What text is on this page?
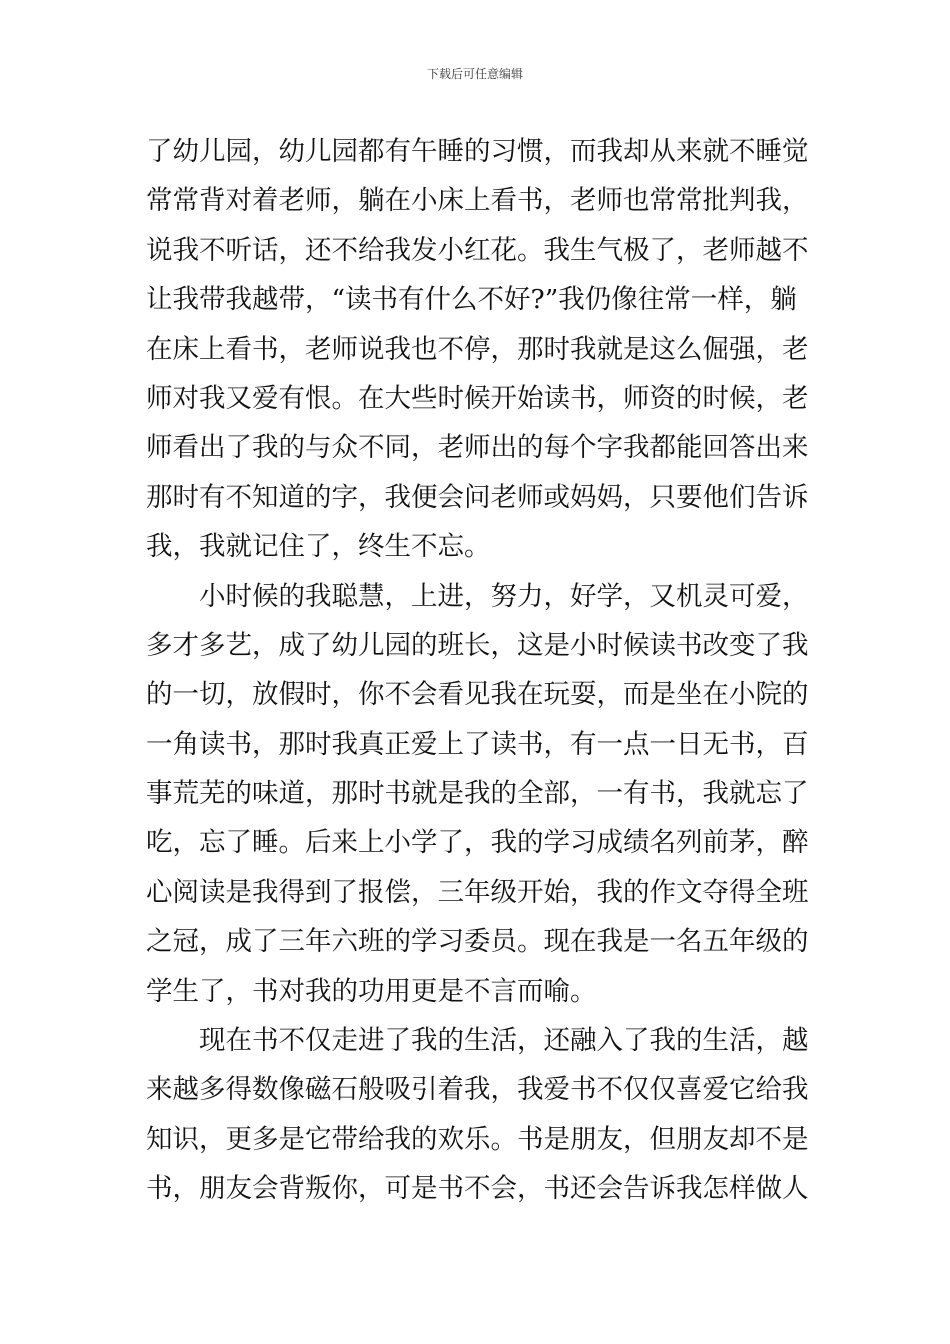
下载后可任意编辑
了幼儿园，幼儿园都有午睡的习惯，而我却从来就不睡觉
常常背对着老师，躺在小床上看书，老师也常常批判我，
说我不听话，还不给我发小红花。我生气极了，老师越不
让我带我越带，“读书有什么不好?”我仍像往常一样，躺
在床上看书，老师说我也不停，那时我就是这么倔强，老
师对我又爱有恨。在大些时候开始读书，师资的时候，老
师看出了我的与众不同，老师出的每个字我都能回答出来
那时有不知道的字，我便会问老师或妈妈，只要他们告诉
我，我就记住了，终生不忘。
小时候的我聪慧，上进，努力，好学，又机灵可爱，
多才多艺，成了幼儿园的班长，这是小时候读书改变了我
的一切，放假时，你不会看见我在玩耍，而是坐在小院的
一角读书，那时我真正爱上了读书，有一点一日无书，百
事荒芜的味道，那时书就是我的全部，一有书，我就忘了
吃，忘了睡。后来上小学了，我的学习成绩名列前茅，醉
心阅读是我得到了报偿，三年级开始，我的作文夺得全班
之冠，成了三年六班的学习委员。现在我是一名五年级的
学生了，书对我的功用更是不言而喻。
现在书不仅走进了我的生活，还融入了我的生活，越
来越多得数像磁石般吸引着我，我爱书不仅仅喜爱它给我
知识，更多是它带给我的欢乐。书是朋友，但朋友却不是
书，朋友会背叛你，可是书不会，书还会告诉我怎样做人
